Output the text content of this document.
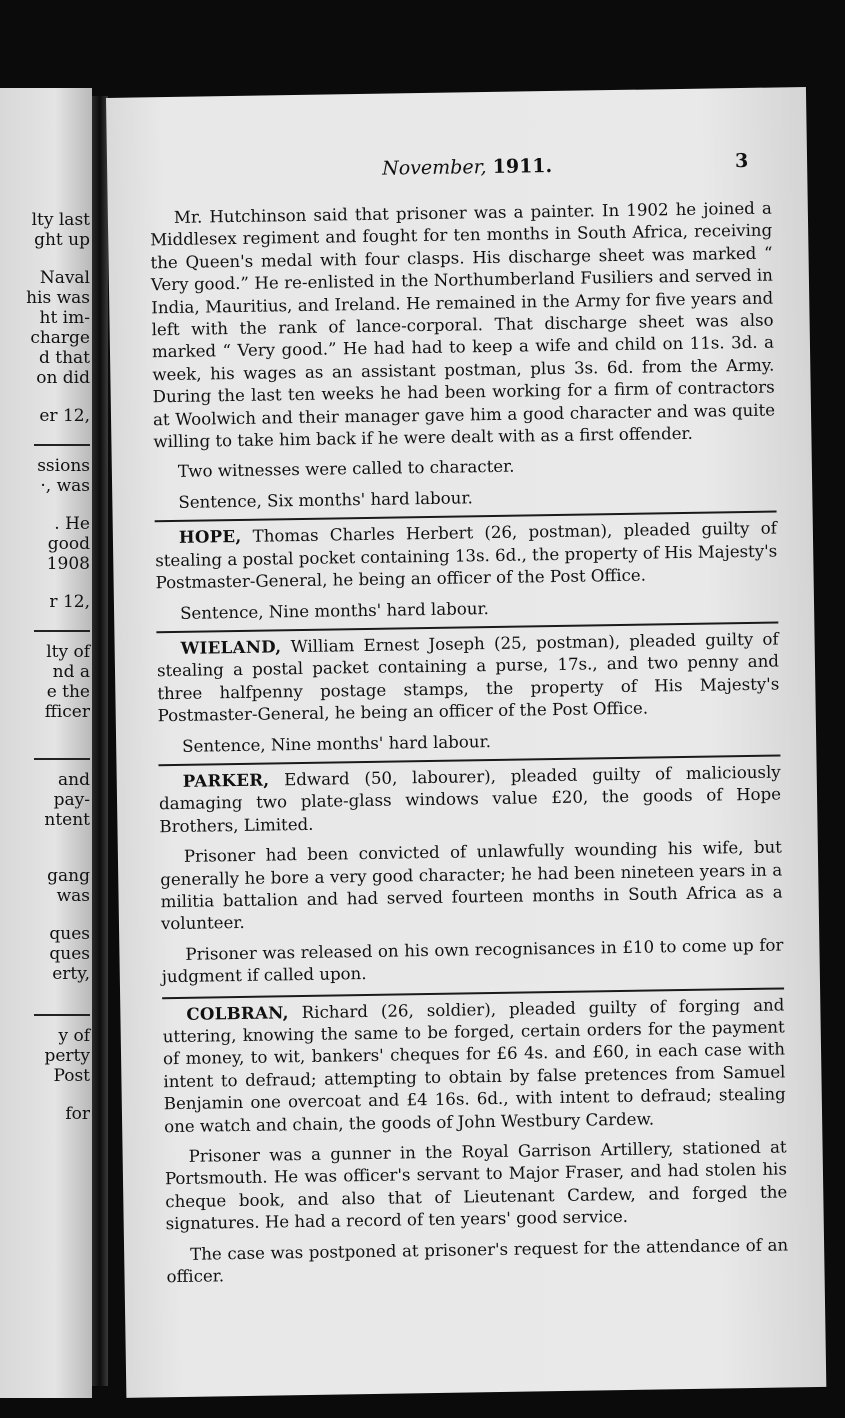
lty last
ght up
Naval
his was
ht im-
charge
d that
on did
er 12,
ssions
·, was
. He
good
1908
r 12,
lty of
nd a
e the
fficer
and
pay-
ntent
gang
was
ques
ques
erty,
y of
perty
Post
for
November, 1911.	3

Mr. Hutchinson said that prisoner was a painter. In 1902 he joined a Middlesex regiment and fought for ten months in South Africa, receiving the Queen's medal with four clasps. His discharge sheet was marked “ Very good.” He re-enlisted in the Northumberland Fusiliers and served in India, Mauritius, and Ireland. He remained in the Army for five years and left with the rank of lance-corporal. That discharge sheet was also marked “ Very good.” He had had to keep a wife and child on 11s. 3d. a week, his wages as an assistant postman, plus 3s. 6d. from the Army. During the last ten weeks he had been working for a firm of contractors at Woolwich and their manager gave him a good character and was quite willing to take him back if he were dealt with as a first offender.

Two witnesses were called to character.

Sentence, Six months' hard labour.

HOPE, Thomas Charles Herbert (26, postman), pleaded guilty of stealing a postal pocket containing 13s. 6d., the property of His Majesty's Postmaster-General, he being an officer of the Post Office.

Sentence, Nine months' hard labour.

WIELAND, William Ernest Joseph (25, postman), pleaded guilty of stealing a postal packet containing a purse, 17s., and two penny and three halfpenny postage stamps, the property of His Majesty's Postmaster-General, he being an officer of the Post Office.

Sentence, Nine months' hard labour.

PARKER, Edward (50, labourer), pleaded guilty of maliciously damaging two plate-glass windows value £20, the goods of Hope Brothers, Limited.

Prisoner had been convicted of unlawfully wounding his wife, but generally he bore a very good character; he had been nineteen years in a militia battalion and had served fourteen months in South Africa as a volunteer.

Prisoner was released on his own recognisances in £10 to come up for judgment if called upon.

COLBRAN, Richard (26, soldier), pleaded guilty of forging and uttering, knowing the same to be forged, certain orders for the payment of money, to wit, bankers' cheques for £6 4s. and £60, in each case with intent to defraud; attempting to obtain by false pretences from Samuel Benjamin one overcoat and £4 16s. 6d., with intent to defraud; stealing one watch and chain, the goods of John Westbury Cardew.

Prisoner was a gunner in the Royal Garrison Artillery, stationed at Portsmouth. He was officer's servant to Major Fraser, and had stolen his cheque book, and also that of Lieutenant Cardew, and forged the signatures. He had a record of ten years' good service.

The case was postponed at prisoner's request for the attendance of an officer.
